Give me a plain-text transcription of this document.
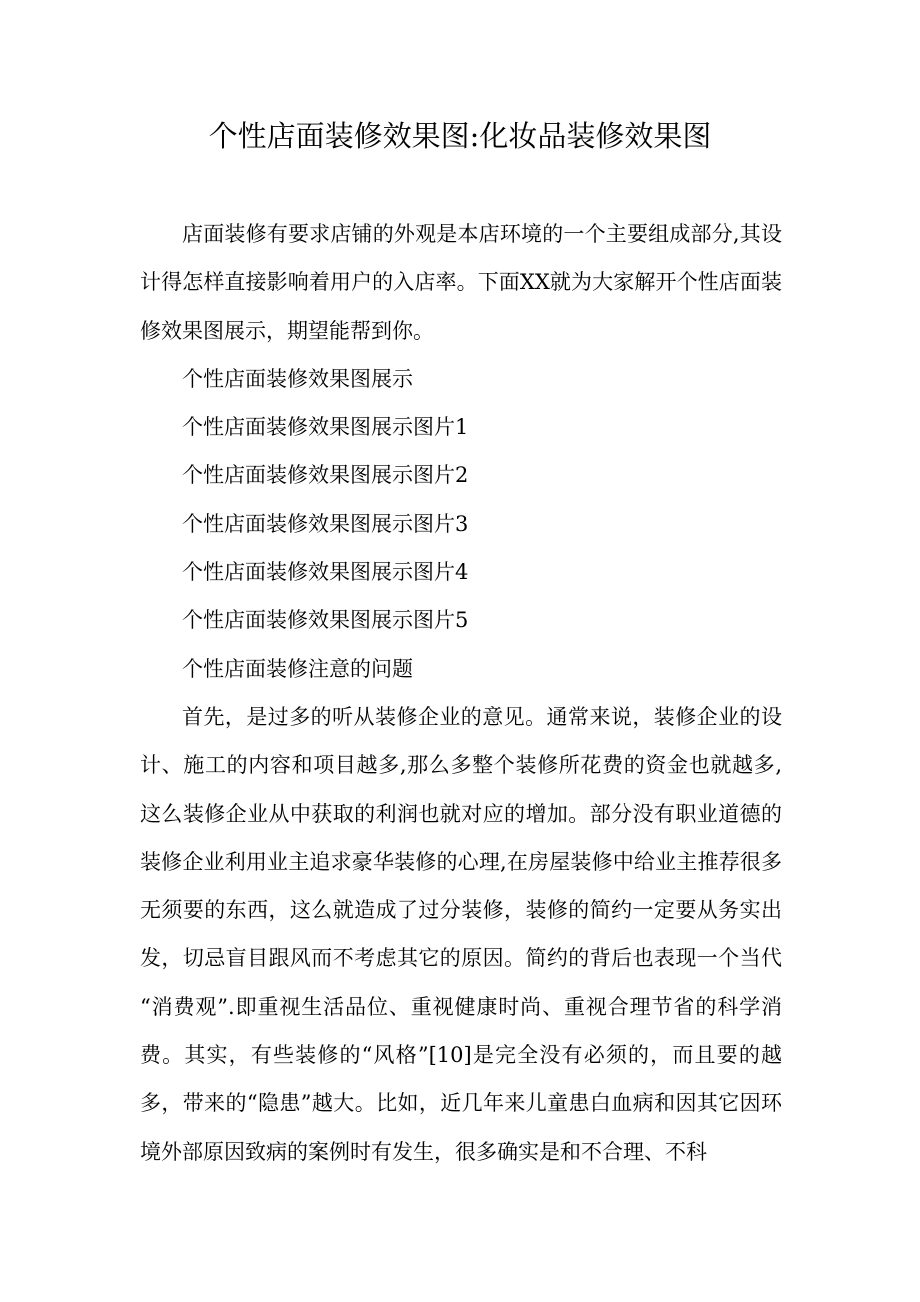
个性店面装修效果图:化妆品装修效果图

店面装修有要求店铺的外观是本店环境的一个主要组成部分,其设计得怎样直接影响着用户的入店率。下面XX就为大家解开个性店面装修效果图展示，期望能帮到你。

个性店面装修效果图展示

个性店面装修效果图展示图片1

个性店面装修效果图展示图片2

个性店面装修效果图展示图片3

个性店面装修效果图展示图片4

个性店面装修效果图展示图片5

个性店面装修注意的问题

首先，是过多的听从装修企业的意见。通常来说，装修企业的设计、施工的内容和项目越多,那么多整个装修所花费的资金也就越多,这么装修企业从中获取的利润也就对应的增加。部分没有职业道德的装修企业利用业主追求豪华装修的心理,在房屋装修中给业主推荐很多无须要的东西，这么就造成了过分装修，装修的简约一定要从务实出发，切忌盲目跟风而不考虑其它的原因。简约的背后也表现一个当代 “消费观”.即重视生活品位、重视健康时尚、重视合理节省的科学消费。其实，有些装修的“风格”[10]是完全没有必须的，而且要的越多，带来的“隐患”越大。比如，近几年来儿童患白血病和因其它因环境外部原因致病的案例时有发生，很多确实是和不合理、不科
